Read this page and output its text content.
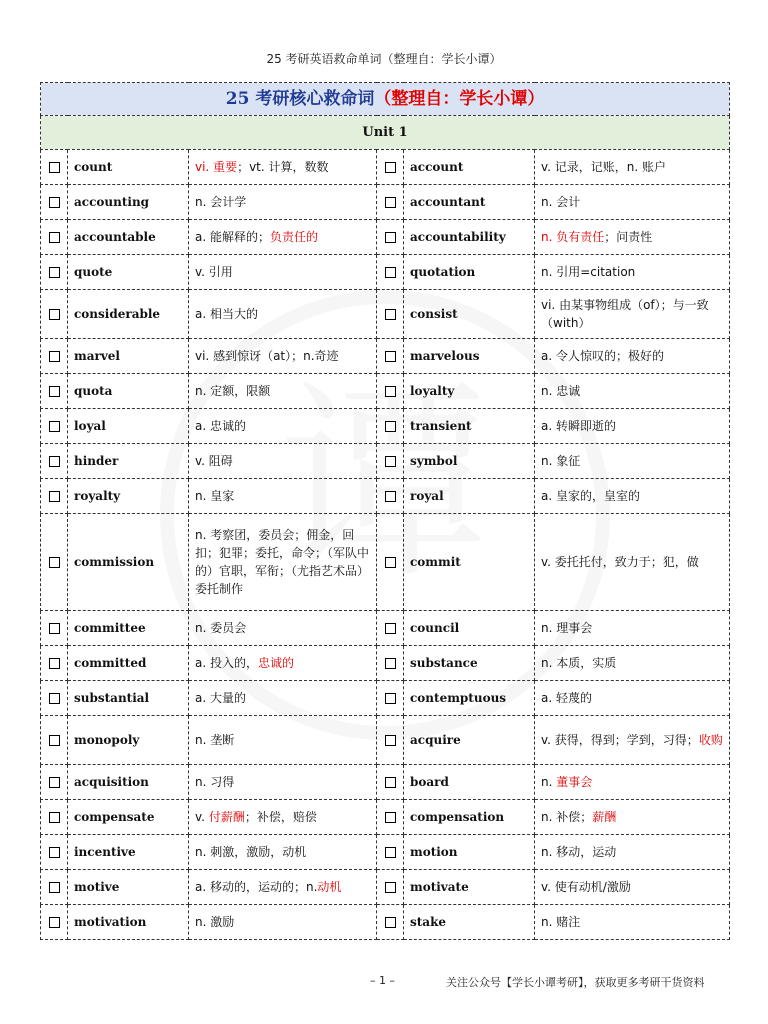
25 考研英语救命单词（整理自：学长小谭）
25 考研核心救命词（整理自：学长小谭）					
Unit 1					
	count	vi. 重要；vt. 计算，数数		account	v. 记录，记账，n. 账户
	accounting	n. 会计学		accountant	n. 会计
	accountable	a. 能解释的；负责任的		accountability	n. 负有责任；问责性
	quote	v. 引用		quotation	n. 引用=citation
	considerable	a. 相当大的		consist	vi. 由某事物组成（of）；与一致（with）
	marvel	vi. 感到惊讶（at）；n.奇迹		marvelous	a. 令人惊叹的；极好的
	quota	n. 定额，限额		loyalty	n. 忠诚
	loyal	a. 忠诚的		transient	a. 转瞬即逝的
	hinder	v. 阻碍		symbol	n. 象征
	royalty	n. 皇家		royal	a. 皇家的，皇室的
	commission	n. 考察团，委员会；佣金，回扣；犯罪；委托，命令；（军队中的）官职，军衔；（尤指艺术品）委托制作		commit	v. 委托托付，致力于；犯，做
	committee	n. 委员会		council	n. 理事会
	committed	a. 投入的，忠诚的		substance	n. 本质，实质
	substantial	a. 大量的		contemptuous	a. 轻蔑的
	monopoly	n. 垄断		acquire	v. 获得，得到；学到，习得；收购
	acquisition	n. 习得		board	n. 董事会
	compensate	v. 付薪酬；补偿，赔偿		compensation	n. 补偿；薪酬
	incentive	n. 刺激，激励，动机		motion	n. 移动，运动
	motive	a. 移动的，运动的；n.动机		motivate	v. 使有动机/激励
	motivation	n. 激励		stake	n. 赌注
– 1 –	关注公众号【学长小谭考研】，获取更多考研干货资料
